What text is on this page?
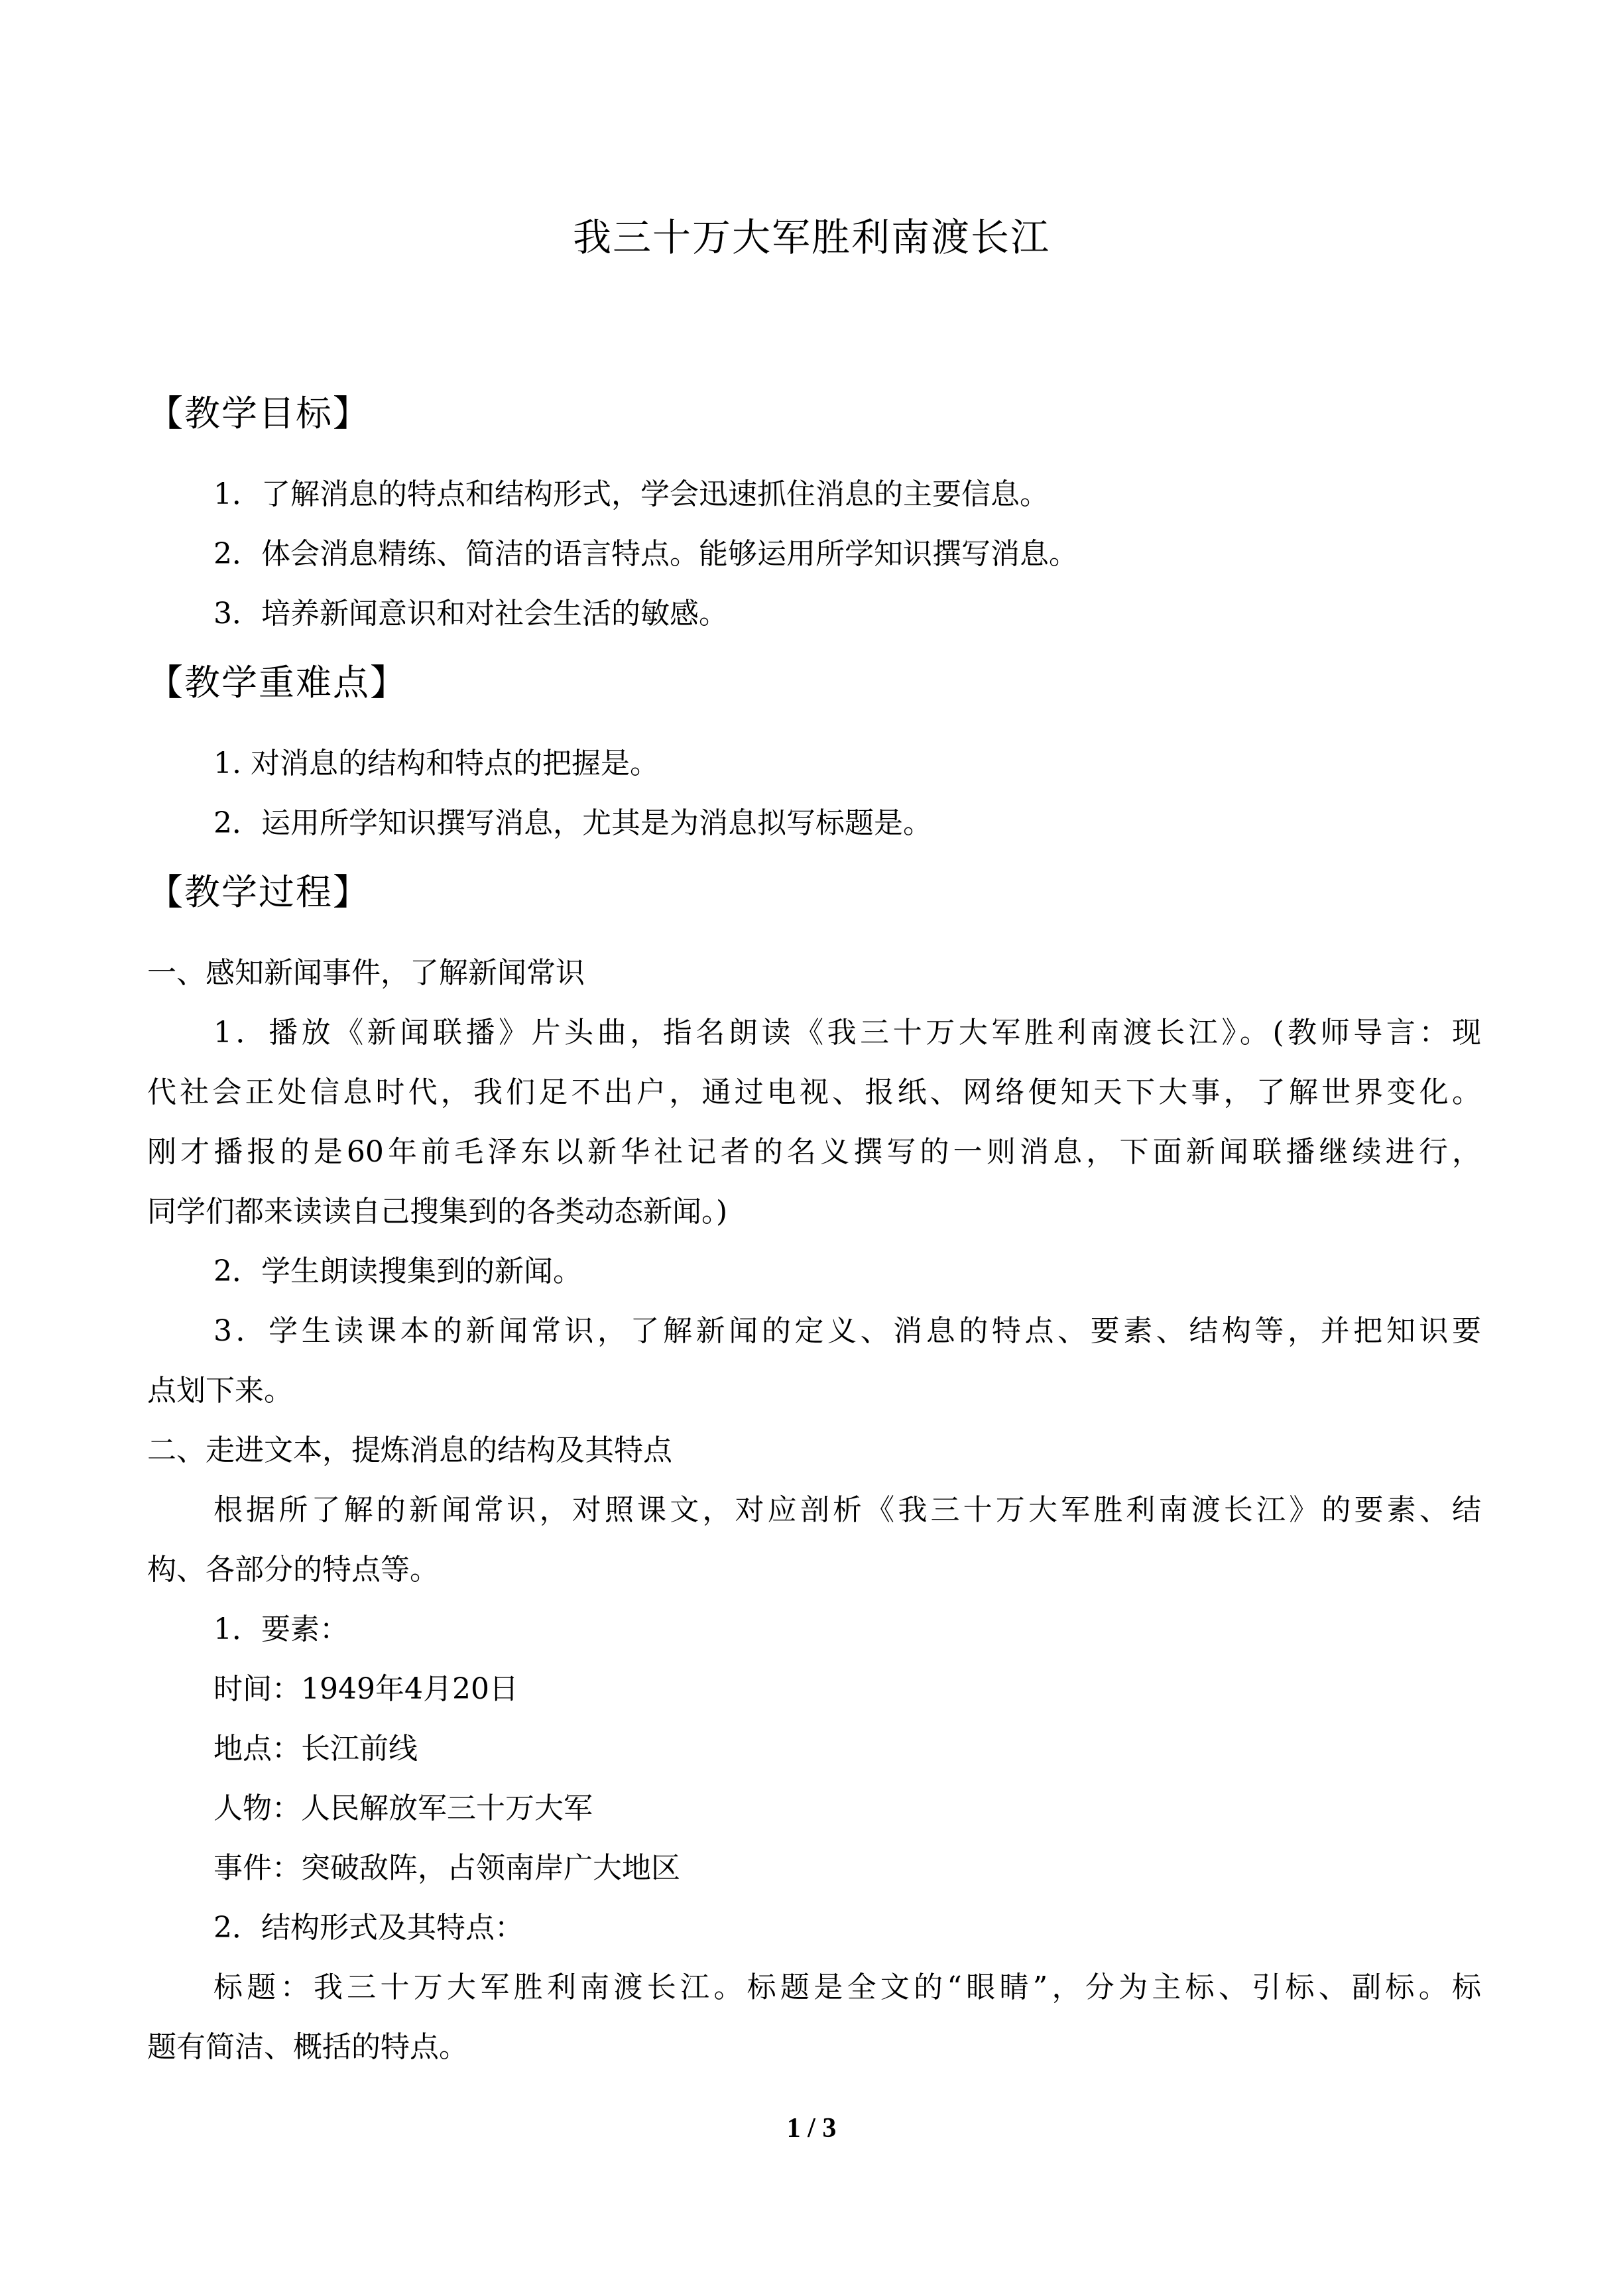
我三十万大军胜利南渡长江
【教学目标】
1．了解消息的特点和结构形式，学会迅速抓住消息的主要信息。
2．体会消息精练、简洁的语言特点。能够运用所学知识撰写消息。
3．培养新闻意识和对社会生活的敏感。
【教学重难点】
1. 对消息的结构和特点的把握是。
2．运用所学知识撰写消息，尤其是为消息拟写标题是。
【教学过程】
一、感知新闻事件，了解新闻常识
1．播放《新闻联播》片头曲，指名朗读《我三十万大军胜利南渡长江》。(教师导言：现
代社会正处信息时代，我们足不出户，通过电视、报纸、网络便知天下大事，了解世界变化。
刚才播报的是60年前毛泽东以新华社记者的名义撰写的一则消息，下面新闻联播继续进行，
同学们都来读读自己搜集到的各类动态新闻。)
2．学生朗读搜集到的新闻。
3．学生读课本的新闻常识，了解新闻的定义、消息的特点、要素、结构等，并把知识要
点划下来。
二、走进文本，提炼消息的结构及其特点
根据所了解的新闻常识，对照课文，对应剖析《我三十万大军胜利南渡长江》的要素、结
构、各部分的特点等。
1．要素：
时间：1949年4月20日
地点：长江前线
人物：人民解放军三十万大军
事件：突破敌阵，占领南岸广大地区
2．结构形式及其特点：
标题：我三十万大军胜利南渡长江。标题是全文的“眼睛”，分为主标、引标、副标。标
题有简洁、概括的特点。
1 / 3
